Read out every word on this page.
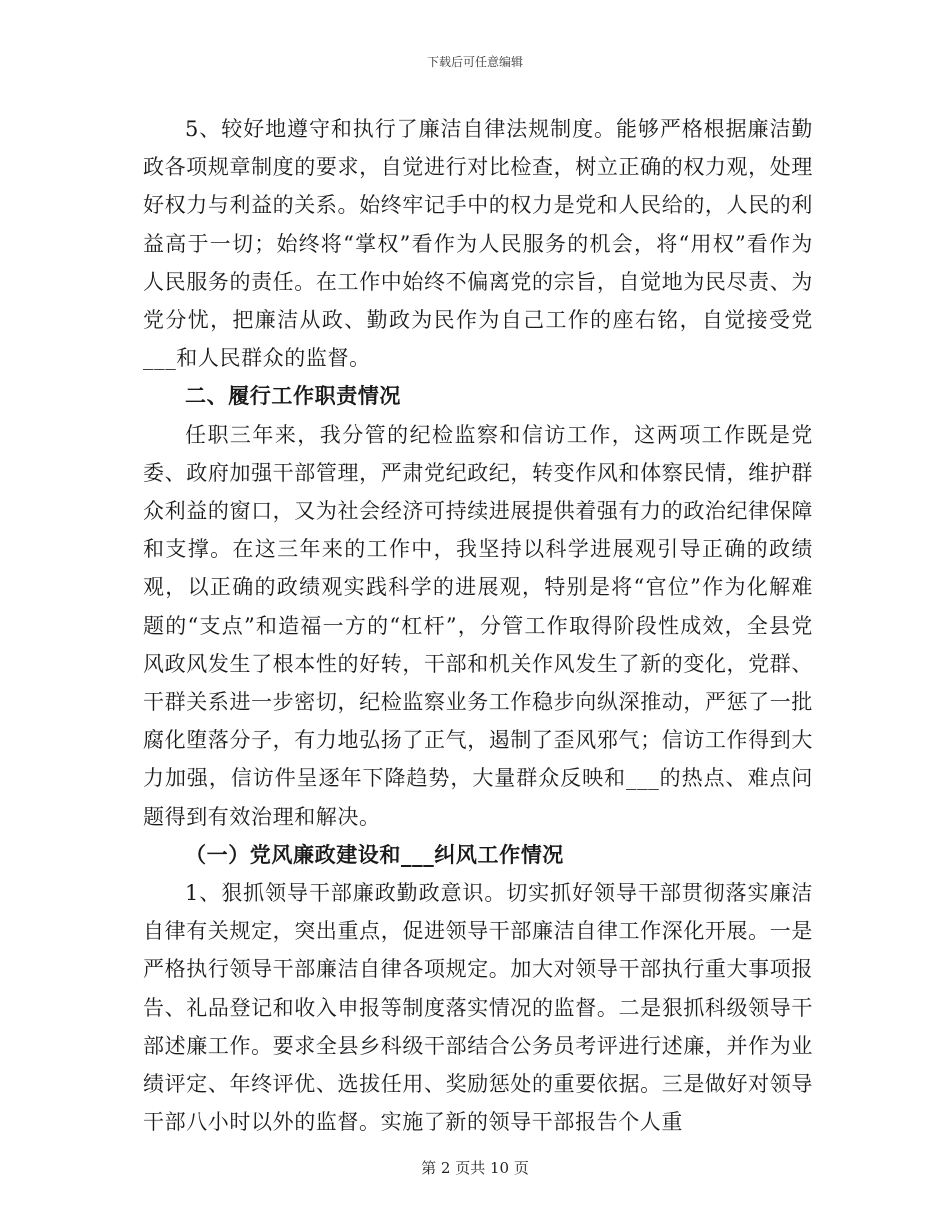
下载后可任意编辑

5、较好地遵守和执行了廉洁自律法规制度。能够严格根据廉洁勤政各项规章制度的要求，自觉进行对比检查，树立正确的权力观，处理好权力与利益的关系。始终牢记手中的权力是党和人民给的，人民的利益高于一切；始终将“掌权”看作为人民服务的机会，将“用权”看作为人民服务的责任。在工作中始终不偏离党的宗旨，自觉地为民尽责、为党分忧，把廉洁从政、勤政为民作为自己工作的座右铭，自觉接受党___和人民群众的监督。

二、履行工作职责情况

任职三年来，我分管的纪检监察和信访工作，这两项工作既是党委、政府加强干部管理，严肃党纪政纪，转变作风和体察民情，维护群众利益的窗口，又为社会经济可持续进展提供着强有力的政治纪律保障和支撑。在这三年来的工作中，我坚持以科学进展观引导正确的政绩观，以正确的政绩观实践科学的进展观，特别是将“官位”作为化解难题的“支点”和造福一方的“杠杆”，分管工作取得阶段性成效，全县党风政风发生了根本性的好转，干部和机关作风发生了新的变化，党群、干群关系进一步密切，纪检监察业务工作稳步向纵深推动，严惩了一批腐化堕落分子，有力地弘扬了正气，遏制了歪风邪气；信访工作得到大力加强，信访件呈逐年下降趋势，大量群众反映和___的热点、难点问题得到有效治理和解决。

（一）党风廉政建设和___纠风工作情况

1、狠抓领导干部廉政勤政意识。切实抓好领导干部贯彻落实廉洁自律有关规定，突出重点，促进领导干部廉洁自律工作深化开展。一是严格执行领导干部廉洁自律各项规定。加大对领导干部执行重大事项报告、礼品登记和收入申报等制度落实情况的监督。二是狠抓科级领导干部述廉工作。要求全县乡科级干部结合公务员考评进行述廉，并作为业绩评定、年终评优、选拔任用、奖励惩处的重要依据。三是做好对领导干部八小时以外的监督。实施了新的领导干部报告个人重

第 2 页共 10 页
